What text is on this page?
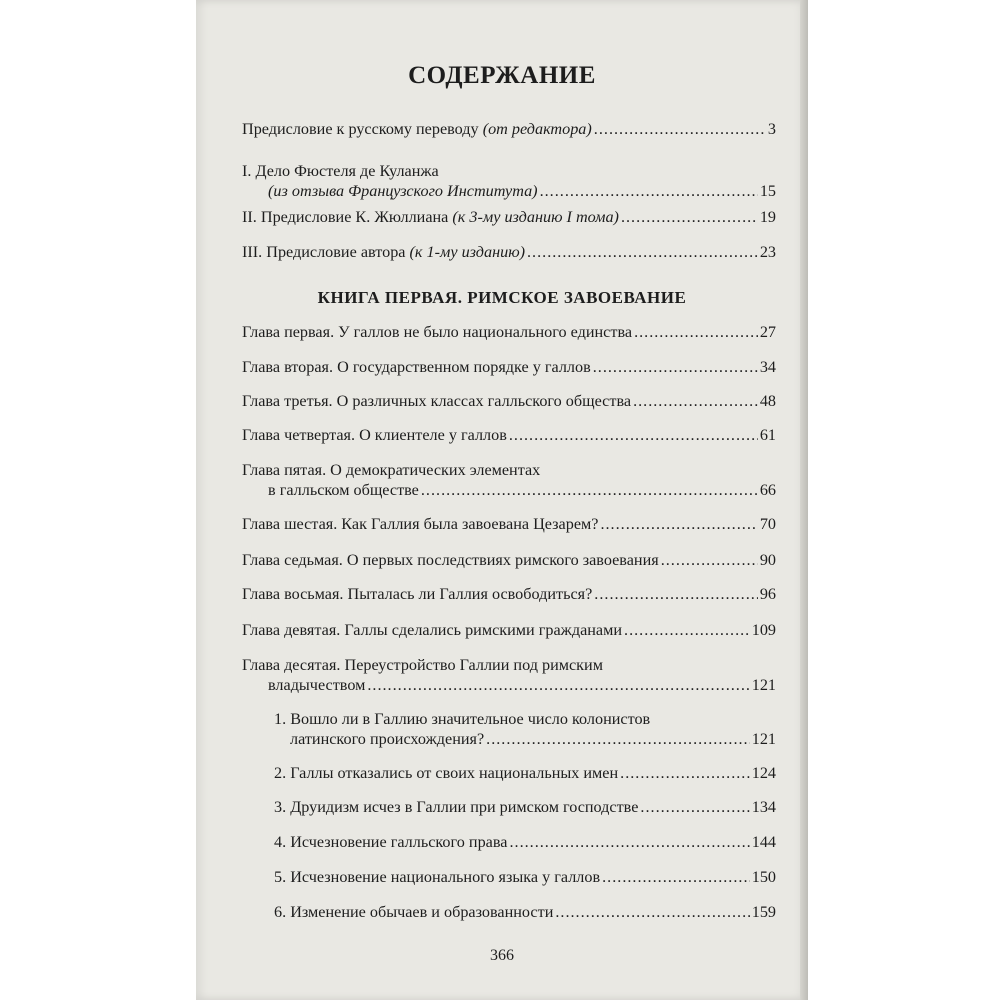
СОДЕРЖАНИЕ
Предисловие к русскому переводу (от редактора) .....	3
I. Дело Фюстеля де Куланжа
(из отзыва Французского Института) .....	15
II. Предисловие К. Жюллиана (к 3-му изданию I тома) .....	19
III. Предисловие автора (к 1-му изданию) .....	23
КНИГА ПЕРВАЯ. РИМСКОЕ ЗАВОЕВАНИЕ
Глава первая. У галлов не было национального единства .....	27
Глава вторая. О государственном порядке у галлов .....	34
Глава третья. О различных классах галльского общества .....	48
Глава четвертая. О клиентеле у галлов .....	61
Глава пятая. О демократических элементах
в галльском обществе .....	66
Глава шестая. Как Галлия была завоевана Цезарем? .....	70
Глава седьмая. О первых последствиях римского завоевания .....	90
Глава восьмая. Пыталась ли Галлия освободиться? .....	96
Глава девятая. Галлы сделались римскими гражданами .....	109
Глава десятая. Переустройство Галлии под римским
владычеством .....	121
1. Вошло ли в Галлию значительное число колонистов
латинского происхождения? .....	121
2. Галлы отказались от своих национальных имен .....	124
3. Друидизм исчез в Галлии при римском господстве .....	134
4. Исчезновение галльского права .....	144
5. Исчезновение национального языка у галлов .....	150
6. Изменение обычаев и образованности .....	159
366
